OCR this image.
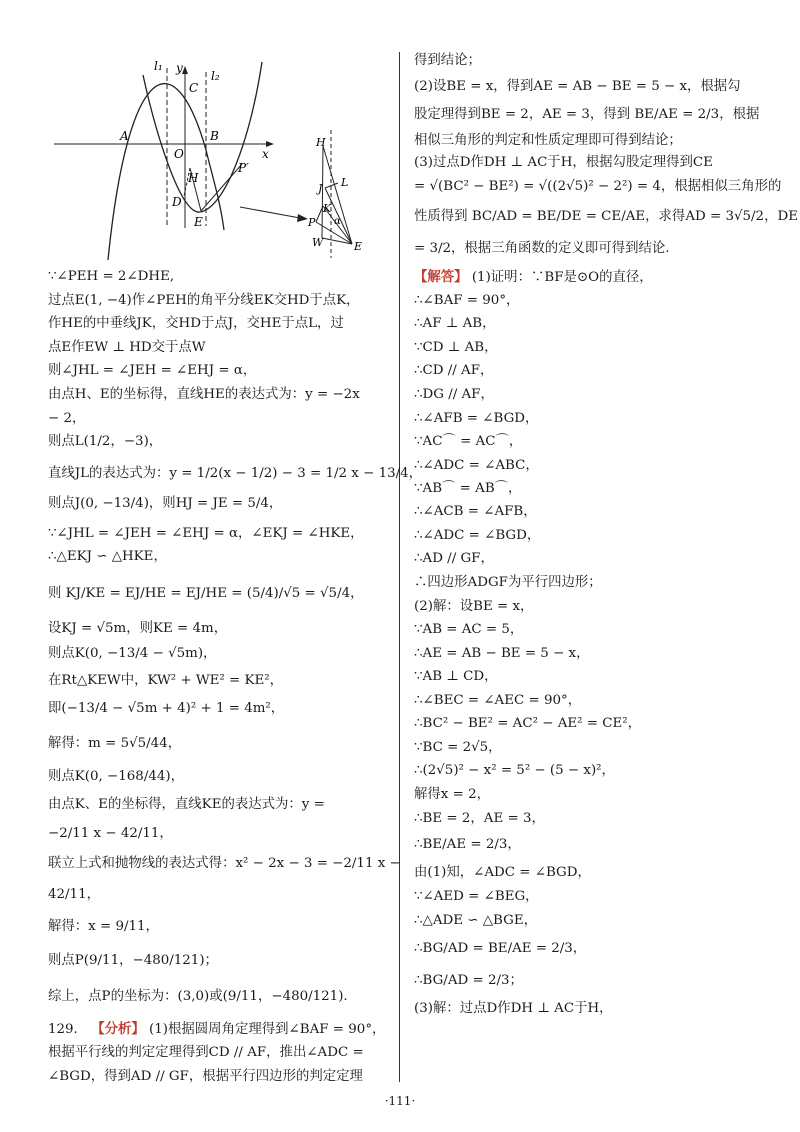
l₁ y
l₂
C
A	B
x
O
H
P′
D
E
H
J L
K
P
W	E
α
∵∠PEH = 2∠DHE,
过点E(1, −4)作∠PEH的角平分线EK交HD于点K，
作HE的中垂线JK，交HD于点J，交HE于点L，过
点E作EW ⊥ HD交于点W
则∠JHL = ∠JEH = ∠EHJ = α，
由点H、E的坐标得，直线HE的表达式为：y = −2x
− 2，
则点L(1/2，−3)，
直线JL的表达式为：y = 1/2(x − 1/2) − 3 = 1/2 x − 13/4，
则点J(0, −13/4)，则HJ = JE = 5/4，
∵∠JHL = ∠JEH = ∠EHJ = α，∠EKJ = ∠HKE，
∴△EKJ ∽ △HKE，
则 KJ/KE = EJ/HE = EJ/HE = (5/4)/√5 = √5/4，
设KJ = √5m，则KE = 4m，
则点K(0, −13/4 − √5m)，
在Rt△KEW中，KW² + WE² = KE²，
即(−13/4 − √5m + 4)² + 1 = 4m²，
解得：m = 5√5/44，
则点K(0, −168/44)，
由点K、E的坐标得，直线KE的表达式为：y =
−2/11 x − 42/11，
联立上式和抛物线的表达式得：x² − 2x − 3 = −2/11 x −
42/11，
解得：x = 9/11，
则点P(9/11，−480/121)；
综上，点P的坐标为：(3,0)或(9/11，−480/121).
129． 【分析】 (1)根据圆周角定理得到∠BAF = 90°，
根据平行线的判定定理得到CD // AF，推出∠ADC =
∠BGD，得到AD // GF，根据平行四边形的判定定理
得到结论；
(2)设BE = x，得到AE = AB − BE = 5 − x，根据勾
股定理得到BE = 2，AE = 3，得到 BE/AE = 2/3，根据
相似三角形的判定和性质定理即可得到结论；
(3)过点D作DH ⊥ AC于H，根据勾股定理得到CE
= √(BC² − BE²) = √((2√5)² − 2²) = 4，根据相似三角形的
性质得到 BC/AD = BE/DE = CE/AE，求得AD = 3√5/2，DE
= 3/2，根据三角函数的定义即可得到结论.
【解答】 (1)证明：∵BF是⊙O的直径，
∴∠BAF = 90°，
∴AF ⊥ AB，
∵CD ⊥ AB，
∴CD // AF，
∴DG // AF，
∴∠AFB = ∠BGD，
∵AC⌒ = AC⌒，
∴∠ADC = ∠ABC，
∵AB⌒ = AB⌒，
∴∠ACB = ∠AFB，
∴∠ADC = ∠BGD，
∴AD // GF，
∴四边形ADGF为平行四边形；
(2)解：设BE = x，
∵AB = AC = 5，
∴AE = AB − BE = 5 − x，
∵AB ⊥ CD，
∴∠BEC = ∠AEC = 90°，
∴BC² − BE² = AC² − AE² = CE²，
∵BC = 2√5，
∴(2√5)² − x² = 5² − (5 − x)²，
解得x = 2，
∴BE = 2，AE = 3，
∴BE/AE = 2/3，
由(1)知，∠ADC = ∠BGD，
∵∠AED = ∠BEG，
∴△ADE ∽ △BGE，
∴BG/AD = BE/AE = 2/3，
∴BG/AD = 2/3；
(3)解：过点D作DH ⊥ AC于H，
·111·
